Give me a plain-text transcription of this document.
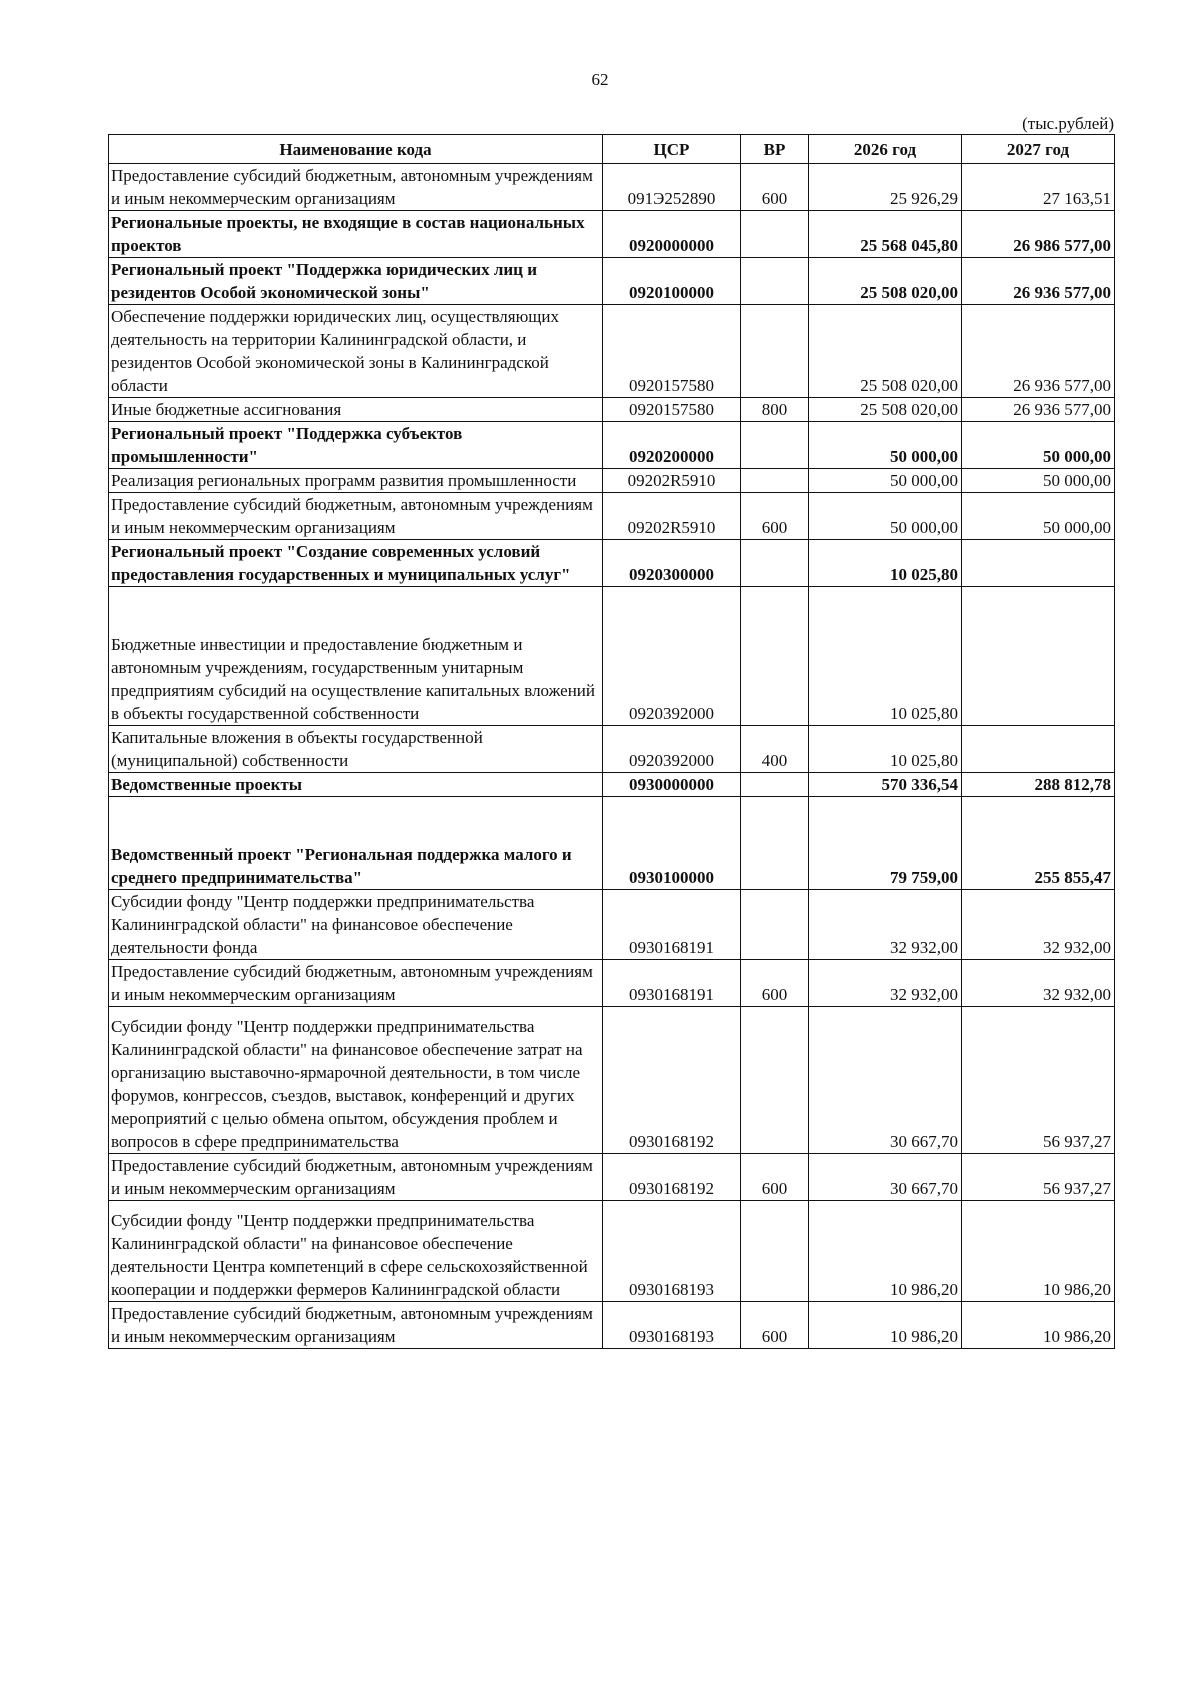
62
(тыс.рублей)
Наименование кода	ЦСР	ВР	2026 год	2027 год
Предоставление субсидий бюджетным, автономным учреждениям и иным некоммерческим организациям	091Э252890	600	25 926,29	27 163,51
Региональные проекты, не входящие в состав национальных проектов	0920000000		25 568 045,80	26 986 577,00
Региональный проект "Поддержка юридических лиц и резидентов Особой экономической зоны"	0920100000		25 508 020,00	26 936 577,00
Обеспечение поддержки юридических лиц, осуществляющих деятельность на территории Калининградской области, и резидентов Особой экономической зоны в Калининградской области	0920157580		25 508 020,00	26 936 577,00
Иные бюджетные ассигнования	0920157580	800	25 508 020,00	26 936 577,00
Региональный проект "Поддержка субъектов промышленности"	0920200000		50 000,00	50 000,00
Реализация региональных программ развития промышленности	09202R5910		50 000,00	50 000,00
Предоставление субсидий бюджетным, автономным учреждениям и иным некоммерческим организациям	09202R5910	600	50 000,00	50 000,00
Региональный проект "Создание современных условий предоставления государственных и муниципальных услуг"	0920300000		10 025,80	
Бюджетные инвестиции и предоставление бюджетным и автономным учреждениям, государственным унитарным предприятиям субсидий на осуществление капитальных вложений в объекты государственной собственности	0920392000		10 025,80	
Капитальные вложения в объекты государственной (муниципальной) собственности	0920392000	400	10 025,80	
Ведомственные проекты	0930000000		570 336,54	288 812,78
Ведомственный проект "Региональная поддержка малого и среднего предпринимательства"	0930100000		79 759,00	255 855,47
Субсидии фонду "Центр поддержки предпринимательства Калининградской области" на финансовое обеспечение деятельности фонда	0930168191		32 932,00	32 932,00
Предоставление субсидий бюджетным, автономным учреждениям и иным некоммерческим организациям	0930168191	600	32 932,00	32 932,00
Субсидии фонду "Центр поддержки предпринимательства Калининградской области" на финансовое обеспечение затрат на организацию выставочно-ярмарочной деятельности, в том числе форумов, конгрессов, съездов, выставок, конференций и других мероприятий с целью обмена опытом, обсуждения проблем и вопросов в сфере предпринимательства	0930168192		30 667,70	56 937,27
Предоставление субсидий бюджетным, автономным учреждениям и иным некоммерческим организациям	0930168192	600	30 667,70	56 937,27
Субсидии фонду "Центр поддержки предпринимательства Калининградской области" на финансовое обеспечение деятельности Центра компетенций в сфере сельскохозяйственной кооперации и поддержки фермеров Калининградской области	0930168193		10 986,20	10 986,20
Предоставление субсидий бюджетным, автономным учреждениям и иным некоммерческим организациям	0930168193	600	10 986,20	10 986,20
